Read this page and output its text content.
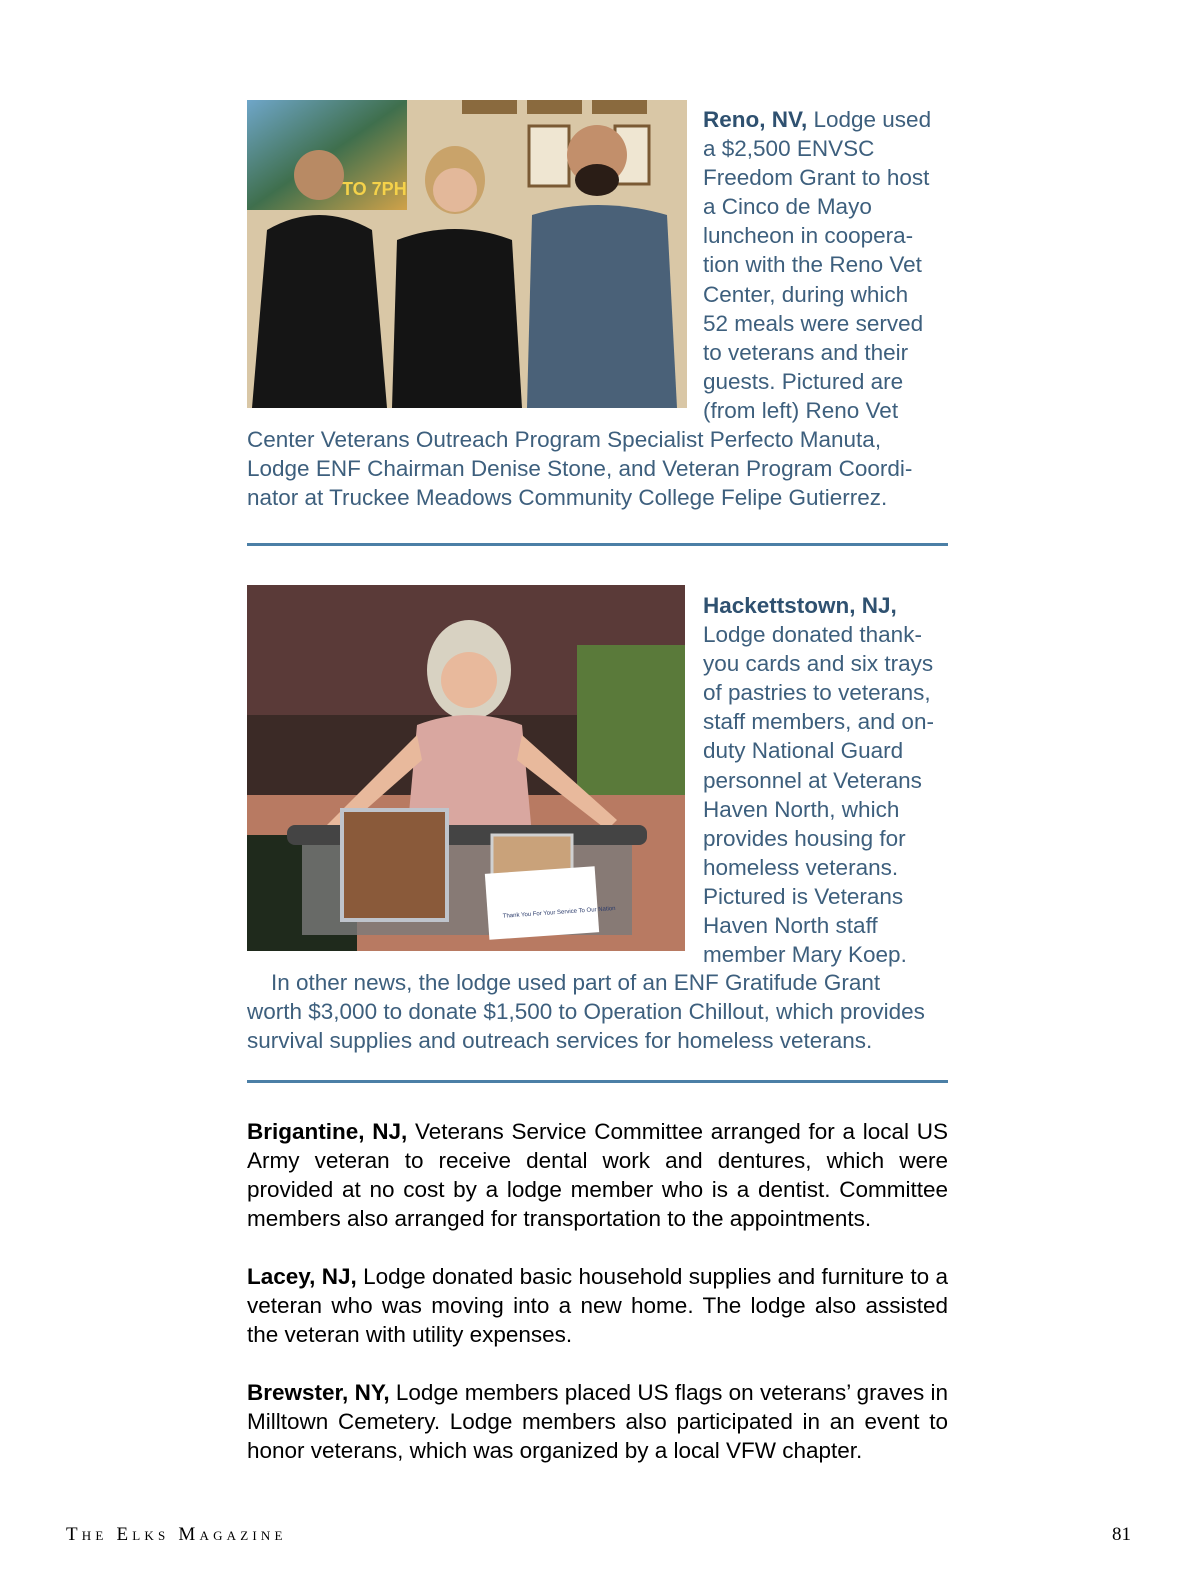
TO 7PH
Reno, NV, Lodge used
a $2,500 ENVSC
Freedom Grant to host
a Cinco de Mayo
luncheon in coopera-
tion with the Reno Vet
Center, during which
52 meals were served
to veterans and their
guests. Pictured are
(from left) Reno Vet
Center Veterans Outreach Program Specialist Perfecto Manuta,
Lodge ENF Chairman Denise Stone, and Veteran Program Coordi-
nator at Truckee Meadows Community College Felipe Gutierrez.
Thank You For Your Service To Our Nation
Hackettstown, NJ,
Lodge donated thank-
you cards and six trays
of pastries to veterans,
staff members, and on-
duty National Guard
personnel at Veterans
Haven North, which
provides housing for
homeless veterans.
Pictured is Veterans
Haven North staff
member Mary Koep.
In other news, the lodge used part of an ENF Gratifude Grant
worth $3,000 to donate $1,500 to Operation Chillout, which provides
survival supplies and outreach services for homeless veterans.
Brigantine, NJ, Veterans Service Committee arranged for a local US Army veteran to receive dental work and dentures, which were provided at no cost by a lodge member who is a dentist. Committee members also arranged for transportation to the appointments.
Lacey, NJ, Lodge donated basic household supplies and furniture to a veteran who was moving into a new home. The lodge also assisted the veteran with utility expenses.
Brewster, NY, Lodge members placed US flags on veterans’ graves in Milltown Cemetery. Lodge members also participated in an event to honor veterans, which was organized by a local VFW chapter.
The Elks Magazine	81
